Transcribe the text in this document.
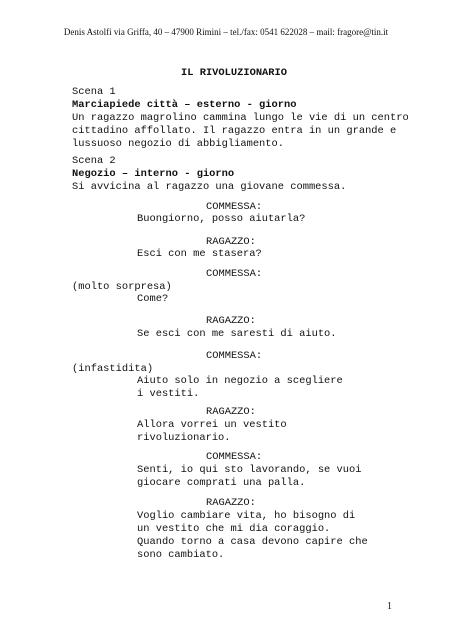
Denis Astolfi via Griffa, 40 – 47900 Rimini – tel./fax: 0541 622028 – mail: fragore@tin.it
IL RIVOLUZIONARIO
Scena 1
Marciapiede città – esterno - giorno
Un ragazzo magrolino cammina lungo le vie di un centro
cittadino affollato. Il ragazzo entra in un grande e
lussuoso negozio di abbigliamento.
Scena 2
Negozio – interno - giorno
Si avvicina al ragazzo una giovane commessa.
COMMESSA:
Buongiorno, posso aiutarla?
RAGAZZO:
Esci con me stasera?
COMMESSA:
(molto sorpresa)
Come?
RAGAZZO:
Se esci con me saresti di aiuto.
COMMESSA:
(infastidita)
Aiuto solo in negozio a scegliere
i vestiti.
RAGAZZO:
Allora vorrei un vestito
rivoluzionario.
COMMESSA:
Senti, io qui sto lavorando, se vuoi
giocare comprati una palla.
RAGAZZO:
Voglio cambiare vita, ho bisogno di
un vestito che mi dia coraggio.
Quando torno a casa devono capire che
sono cambiato.
1
